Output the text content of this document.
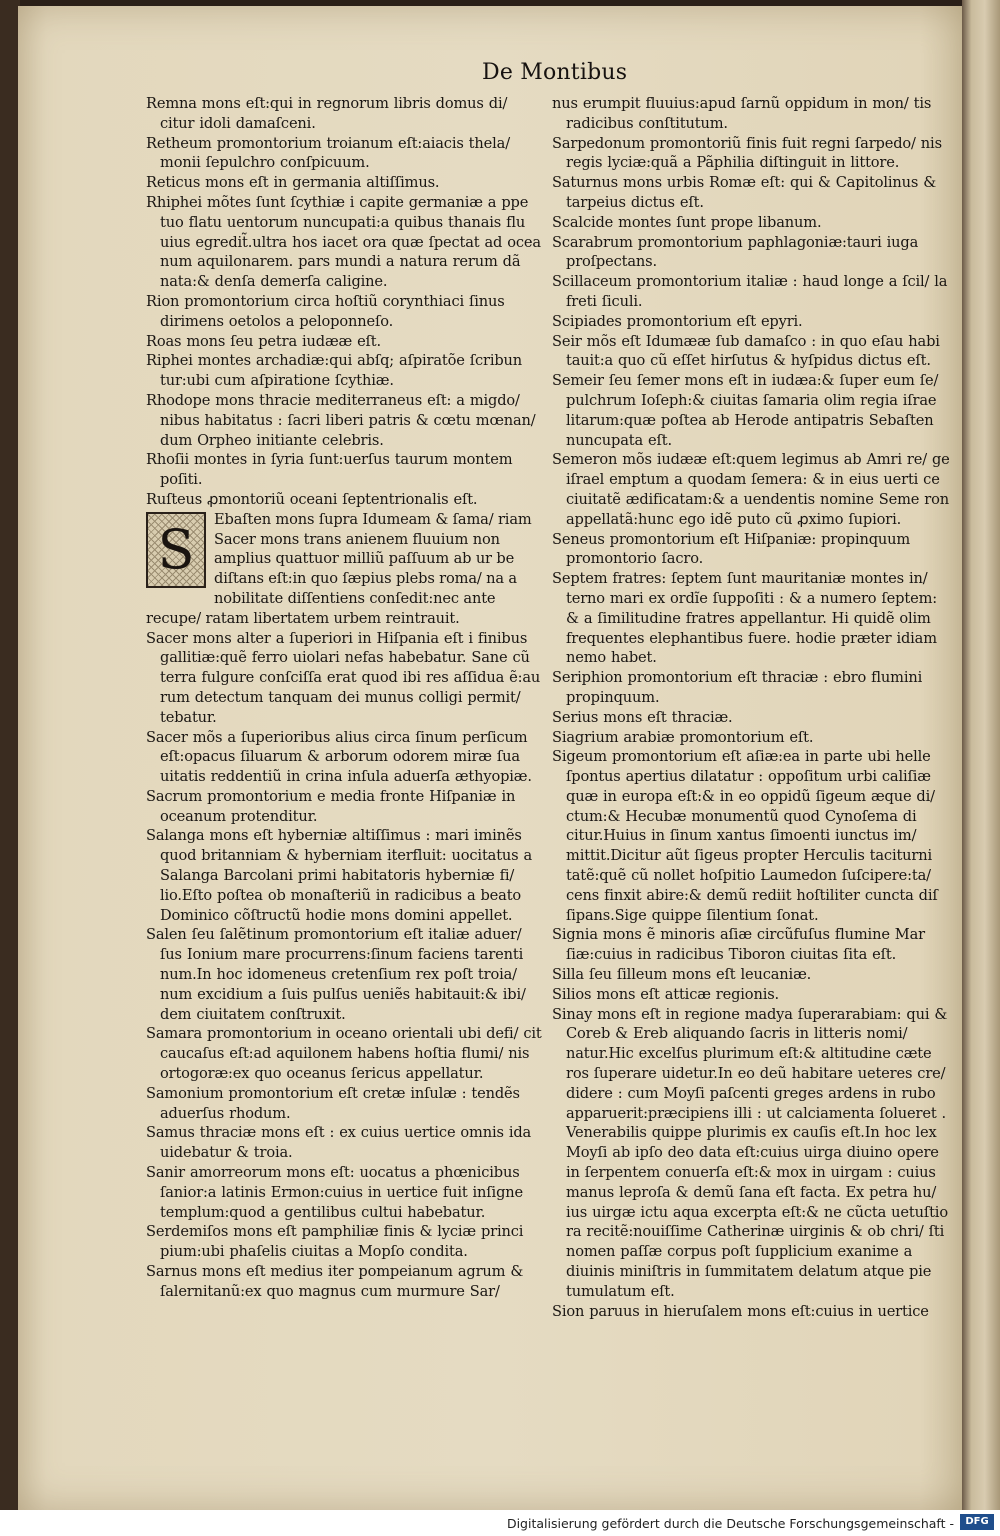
De Montibus
Remna mons eſt:qui in regnorum libris domus di/ citur idoli damaſceni.
Retheum promontorium troianum eſt:aiacis thela/ monii ſepulchro conſpicuum.
Reticus mons eſt in germania altiſſimus.
Rhiphei mõtes ſunt ſcythiæ i capite germaniæ a ppe tuo flatu uentorum nuncupati:a quibus thanais flu uius egredit̃.ultra hos iacet ora quæ ſpectat ad ocea num aquilonarem. pars mundi a natura rerum dã nata:& denſa demerſa caligine.
Rion promontorium circa hoſtiũ corynthiaci ſinus dirimens oetolos a peloponneſo.
Roas mons ſeu petra iudææ eſt.
Riphei montes archadiæ:qui abſq; aſpiratõe ſcribun tur:ubi cum aſpiratione ſcythiæ.
Rhodope mons thracie mediterraneus eſt: a migdo/ nibus habitatus : ſacri liberi patris & cœtu mœnan/ dum Orpheo initiante celebris.
Rhoſii montes in ſyria ſunt:uerſus taurum montem poſiti.
Ruſteus ꝓmontoriũ oceani ſeptentrionalis eſt.
S	Ebaſten mons ſupra Idumeam & ſama/ riam
Sacer mons trans anienem fluuium non amplius quattuor milliũ paſſuum ab ur be diſtans eſt:in quo ſæpius plebs roma/ na a nobilitate diſſentiens conſedit:nec ante recupe/ ratam libertatem urbem reintrauit.
Sacer mons alter a ſuperiori in Hiſpania eſt i finibus gallitiæ:quẽ ferro uiolari nefas habebatur. Sane cũ terra fulgure conſciſſa erat quod ibi res aſſidua ẽ:au rum detectum tanquam dei munus colligi permit/ tebatur.
Sacer mõs a ſuperioribus alius circa ſinum perſicum eſt:opacus ſiluarum & arborum odorem miræ ſua uitatis reddentiũ in crina inſula aduerſa æthyopiæ.
Sacrum promontorium e media fronte Hiſpaniæ in oceanum protenditur.
Salanga mons eſt hyberniæ altiſſimus : mari iminẽs quod britanniam & hyberniam iterfluit: uocitatus a Salanga Barcolani primi habitatoris hyberniæ fi/ lio.Eſto poſtea ob monaſteriũ in radicibus a beato Dominico cõſtructũ hodie mons domini appellet.
Salen ſeu ſalẽtinum promontorium eſt italiæ aduer/ ſus Ionium mare procurrens:ſinum faciens tarenti num.In hoc idomeneus cretenſium rex poſt troia/ num excidium a ſuis pulſus ueniẽs habitauit:& ibi/ dem ciuitatem conſtruxit.
Samara promontorium in oceano orientali ubi defi/ cit caucaſus eſt:ad aquilonem habens hoſtia flumi/ nis ortogoræ:ex quo oceanus ſericus appellatur.
Samonium promontorium eſt cretæ inſulæ : tendẽs aduerſus rhodum.
Samus thraciæ mons eſt : ex cuius uertice omnis ida uidebatur & troia.
Sanir amorreorum mons eſt: uocatus a phœnicibus ſanior:a latinis Ermon:cuius in uertice fuit inſigne templum:quod a gentilibus cultui habebatur.
Serdemiſos mons eſt pamphiliæ finis & lyciæ princi pium:ubi phaſelis ciuitas a Mopſo condita.
Sarnus mons eſt medius iter pompeianum agrum & ſalernitanũ:ex quo magnus cum murmure Sar/
nus erumpit fluuius:apud ſarnũ oppidum in mon/ tis radicibus conſtitutum.
Sarpedonum promontoriũ finis fuit regni ſarpedo/ nis regis lyciæ:quã a Pãphilia diſtinguit in littore.
Saturnus mons urbis Romæ eſt: qui & Capitolinus & tarpeius dictus eſt.
Scalcide montes ſunt prope libanum.
Scarabrum promontorium paphlagoniæ:tauri iuga proſpectans.
Scillaceum promontorium italiæ : haud longe a ſcil/ la freti ſiculi.
Scipiades promontorium eſt epyri.
Seir mõs eſt Idumææ ſub damaſco : in quo eſau habi tauit:a quo cũ eſſet hirſutus & hyſpidus dictus eſt.
Semeir ſeu ſemer mons eſt in iudæa:& ſuper eum ſe/ pulchrum Ioſeph:& ciuitas ſamaria olim regia iſrae litarum:quæ poſtea ab Herode antipatris Sebaſten nuncupata eſt.
Semeron mõs iudææ eſt:quem legimus ab Amri re/ ge iſrael emptum a quodam ſemera: & in eius uerti ce ciuitatẽ ædificatam:& a uendentis nomine Seme ron appellatã:hunc ego idẽ puto cũ ꝓximo ſupiori.
Seneus promontorium eſt Hiſpaniæ: propinquum promontorio ſacro.
Septem fratres: ſeptem ſunt mauritaniæ montes in/ terno mari ex ordĩe ſuppoſiti : & a numero ſeptem: & a ſimilitudine fratres appellantur. Hi quidẽ olim frequentes elephantibus fuere. hodie præter idiam nemo habet.
Seriphion promontorium eſt thraciæ : ebro flumini propinquum.
Serius mons eſt thraciæ.
Siagrium arabiæ promontorium eſt.
Sigeum promontorium eſt aſiæ:ea in parte ubi helle ſpontus apertius dilatatur : oppoſitum urbi caliſiæ quæ in europa eſt:& in eo oppidũ ſigeum æque di/ ctum:& Hecubæ monumentũ quod Cynoſema di citur.Huius in ſinum xantus ſimoenti iunctus im/ mittit.Dicitur aũt ſigeus propter Herculis taciturni tatẽ:quẽ cũ nollet hoſpitio Laumedon ſuſcipere:ta/ cens finxit abire:& demũ rediit hoſtiliter cuncta diſ ſipans.Sige quippe ſilentium ſonat.
Signia mons ẽ minoris aſiæ circũfuſus flumine Mar ſiæ:cuius in radicibus Tiboron ciuitas ſita eſt.
Silla ſeu ſilleum mons eſt leucaniæ.
Silios mons eſt atticæ regionis.
Sinay mons eſt in regione madya ſuperarabiam: qui & Coreb & Ereb aliquando ſacris in litteris nomi/ natur.Hic excelſus plurimum eſt:& altitudine cæte ros ſuperare uidetur.In eo deũ habitare ueteres cre/ didere : cum Moyſi paſcenti greges ardens in rubo apparuerit:præcipiens illi : ut calciamenta ſolueret . Venerabilis quippe plurimis ex cauſis eſt.In hoc lex Moyſi ab ipſo deo data eſt:cuius uirga diuino opere in ſerpentem conuerſa eſt:& mox in uirgam : cuius manus leproſa & demũ ſana eſt facta. Ex petra hu/ ius uirgæ ictu aqua excerpta eſt:& ne cũcta uetuſtio ra recitẽ:nouiſſime Catherinæ uirginis & ob chri/ ſti nomen paſſæ corpus poſt ſupplicium exanime a diuinis miniſtris in ſummitatem delatum atque pie tumulatum eſt.
Sion paruus in hieruſalem mons eſt:cuius in uertice
Digitalisierung gefördert durch die Deutsche Forschungsgemeinschaft -	DFG
